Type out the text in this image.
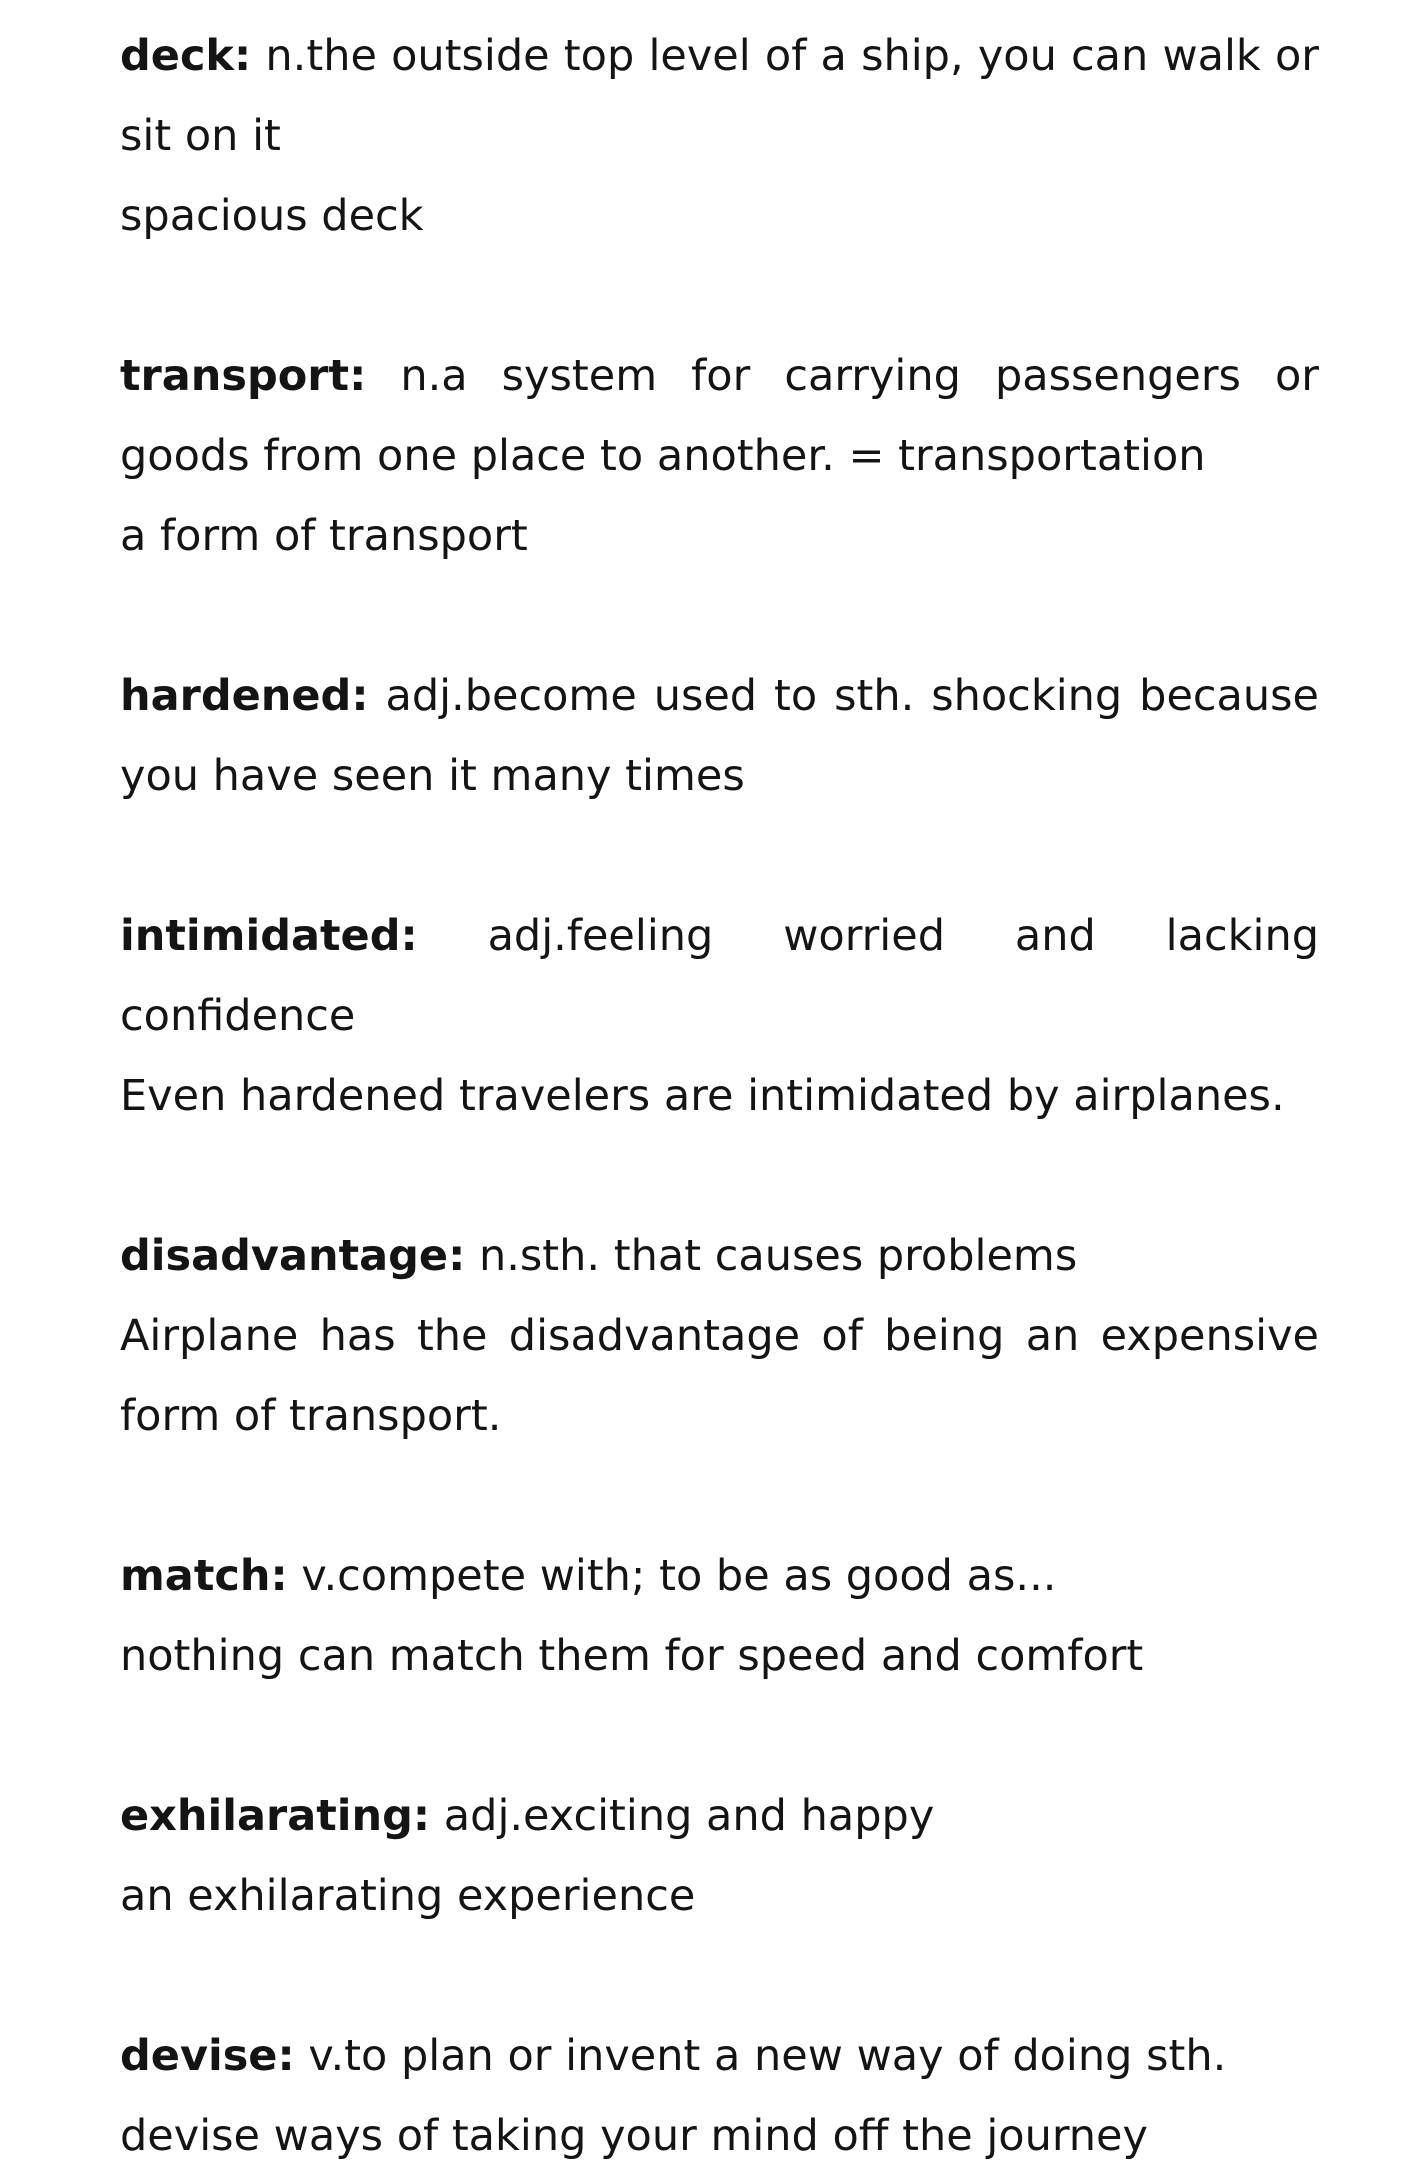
deck: n.the outside top level of a ship, you can walk or sit on it
spacious deck
transport: n.a system for carrying passengers or goods from one place to another. = transportation
a form of transport
hardened: adj.become used to sth. shocking because you have seen it many times
intimidated: adj.feeling worried and lacking confidence
Even hardened travelers are intimidated by airplanes.
disadvantage: n.sth. that causes problems
Airplane has the disadvantage of being an expensive form of transport.
match: v.compete with; to be as good as...
nothing can match them for speed and comfort
exhilarating: adj.exciting and happy
an exhilarating experience
devise: v.to plan or invent a new way of doing sth.
devise ways of taking your mind off the journey
